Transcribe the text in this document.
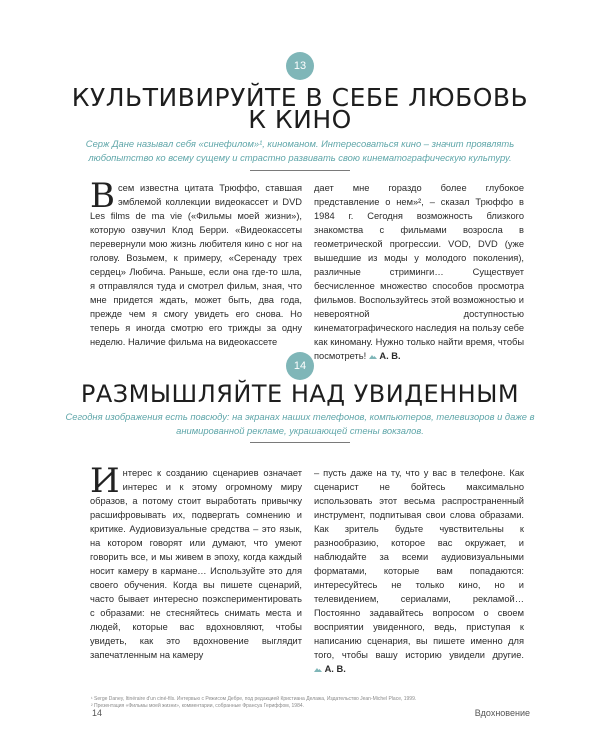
13
КУЛЬТИВИРУЙТЕ В СЕБЕ ЛЮБОВЬ
К КИНО

Серж Дане называл себя «синефилом»¹, киноманом. Интересоваться кино – значит проявлять любопытство ко всему сущему и страстно развивать свою кинематографическую культуру.

Всем известна цитата Трюффо, ставшая эмблемой коллекции видеокассет и DVD Les films de ma vie («Фильмы моей жизни»), которую озвучил Клод Берри. «Видеокассеты перевернули мою жизнь любителя кино с ног на голову. Возьмем, к примеру, «Серенаду трех сердец» Любича. Раньше, если она где-то шла, я отправлялся туда и смотрел фильм, зная, что мне придется ждать, может быть, два года, прежде чем я смогу увидеть его снова. Но теперь я иногда смотрю его трижды за одну неделю. Наличие фильма на видеокассете
дает мне гораздо более глубокое представление о нем»², – сказал Трюффо в 1984 г. Сегодня возможность близкого знакомства с фильмами возросла в геометрической прогрессии. VOD, DVD (уже вышедшие из моды у молодого поколения), различные стриминги… Существует бесчисленное множество способов просмотра фильмов. Воспользуйтесь этой возможностью и невероятной доступностью кинематографического наследия на пользу себе как киноману. Нужно только найти время, чтобы посмотреть! А. В.
14
РАЗМЫШЛЯЙТЕ НАД УВИДЕННЫМ

Сегодня изображения есть повсюду: на экранах наших телефонов, компьютеров, телевизоров и даже в анимированной рекламе, украшающей стены вокзалов.

Интерес к созданию сценариев означает интерес и к этому огромному миру образов, а потому стоит выработать привычку расшифровывать их, подвергать сомнению и критике. Аудиовизуальные средства – это язык, на котором говорят или думают, что умеют говорить все, и мы живем в эпоху, когда каждый носит камеру в кармане… Используйте это для своего обучения. Когда вы пишете сценарий, часто бывает интересно поэкспериментировать с образами: не стесняйтесь снимать места и людей, которые вас вдохновляют, чтобы увидеть, как это вдохновение выглядит запечатленным на камеру
– пусть даже на ту, что у вас в телефоне. Как сценарист не бойтесь максимально использовать этот весьма распространенный инструмент, подпитывая свои слова образами. Как зритель будьте чувствительны к разнообразию, которое вас окружает, и наблюдайте за всеми аудиовизуальными форматами, которые вам попадаются: интересуйтесь не только кино, но и телевидением, сериалами, рекламой… Постоянно задавайтесь вопросом о своем восприятии увиденного, ведь, приступая к написанию сценария, вы пишете именно для того, чтобы вашу историю увидели другие.  А. В.
¹ Serge Daney, Itinéraire d'un ciné-fils. Интервью с Режисом Дебре, под редакцией Кристиана Делажа, Издательство Jean-Michel Place, 1999.
² Презентация «Фильмы моей жизни», комментарии, собранные Франсуа Гериффом, 1984.
14	Вдохновение
